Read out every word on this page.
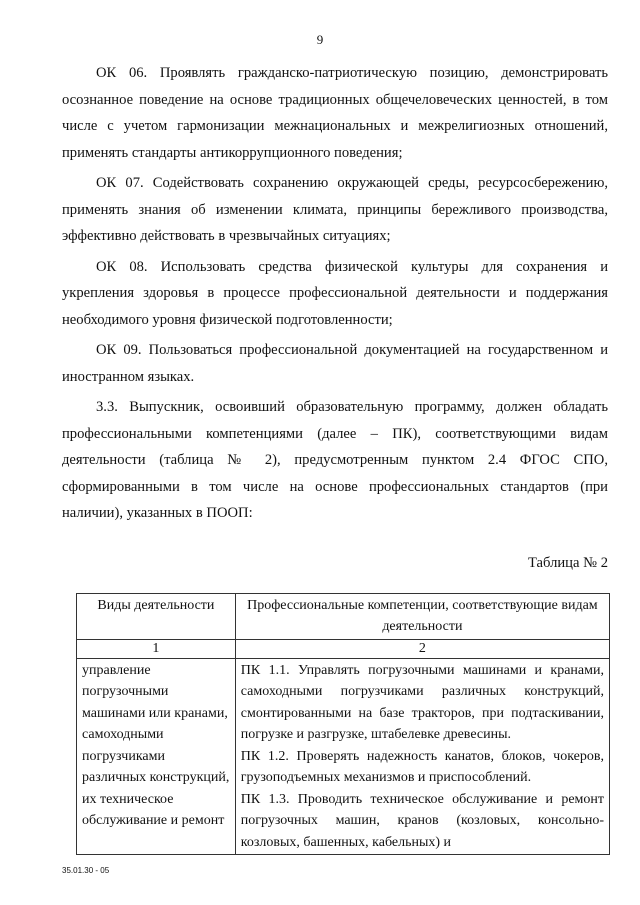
9

ОК 06. Проявлять гражданско-патриотическую позицию, демонстрировать осознанное поведение на основе традиционных общечеловеческих ценностей, в том числе с учетом гармонизации межнациональных и межрелигиозных отношений, применять стандарты антикоррупционного поведения;

ОК 07. Содействовать сохранению окружающей среды, ресурсосбережению, применять знания об изменении климата, принципы бережливого производства, эффективно действовать в чрезвычайных ситуациях;

ОК 08. Использовать средства физической культуры для сохранения и укрепления здоровья в процессе профессиональной деятельности и поддержания необходимого уровня физической подготовленности;

ОК 09. Пользоваться профессиональной документацией на государственном и иностранном языках.

3.3. Выпускник, освоивший образовательную программу, должен обладать профессиональными компетенциями (далее – ПК), соответствующими видам деятельности (таблица № 2), предусмотренным пунктом 2.4 ФГОС СПО, сформированными в том числе на основе профессиональных стандартов (при наличии), указанных в ПООП:

Таблица № 2
Виды деятельности	Профессиональные компетенции, соответствующие видам деятельности
1	2
управление погрузочными машинами или кранами, самоходными погрузчиками различных конструкций, их техническое обслуживание и ремонт	ПК 1.1. Управлять погрузочными машинами и кранами, самоходными погрузчиками различных конструкций, смонтированными на базе тракторов, при подтаскивании, погрузке и разгрузке, штабелевке древесины.

ПК 1.2. Проверять надежность канатов, блоков, чокеров, грузоподъемных механизмов и приспособлений.

ПК 1.3. Проводить техническое обслуживание и ремонт погрузочных машин, кранов (козловых, консольно-козловых, башенных, кабельных) и

35.01.30 - 05
